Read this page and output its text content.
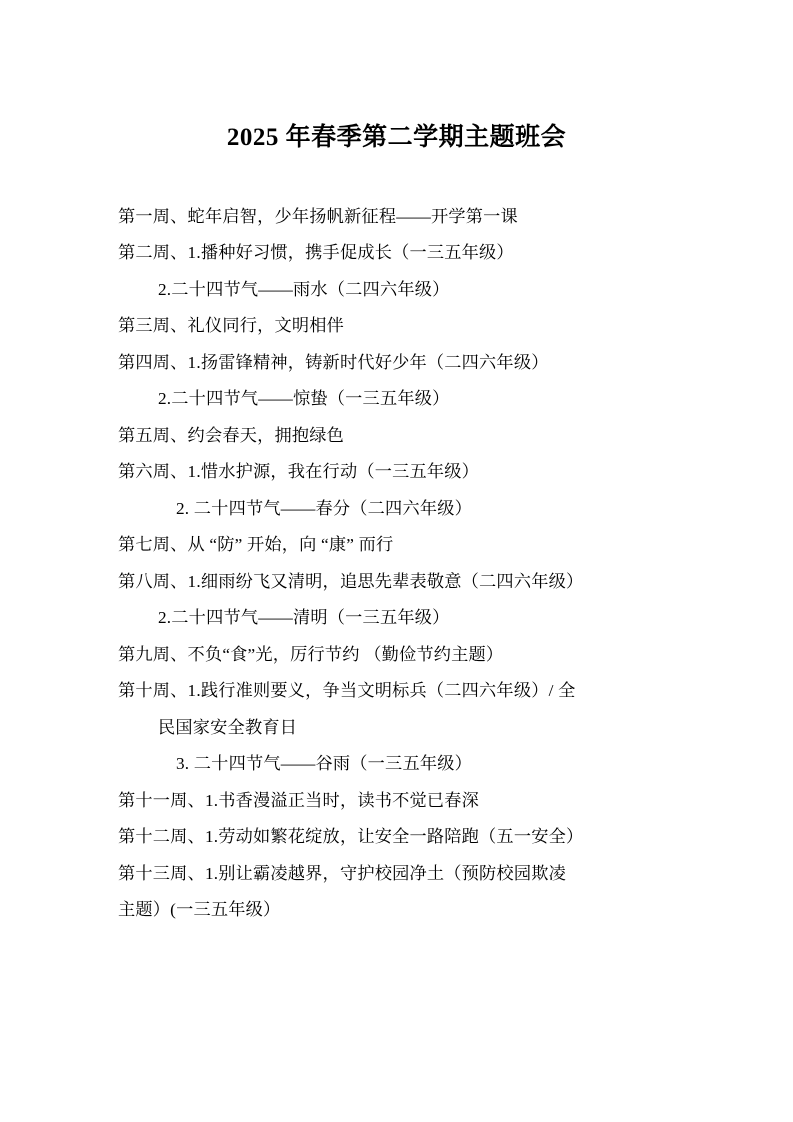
2025 年春季第二学期主题班会
第一周、蛇年启智，少年扬帆新征程——开学第一课
第二周、1.播种好习惯，携手促成长（一三五年级）
2.二十四节气——雨水（二四六年级）
第三周、礼仪同行，文明相伴
第四周、1.扬雷锋精神，铸新时代好少年（二四六年级）
2.二十四节气——惊蛰（一三五年级）
第五周、约会春天，拥抱绿色
第六周、1.惜水护源，我在行动（一三五年级）
2. 二十四节气——春分（二四六年级）
第七周、从 “防” 开始，向 “康” 而行
第八周、1.细雨纷飞又清明，追思先辈表敬意（二四六年级）
2.二十四节气——清明（一三五年级）
第九周、不负“食”光，厉行节约 （勤俭节约主题）
第十周、1.践行准则要义，争当文明标兵（二四六年级）/ 全
民国家安全教育日
3. 二十四节气——谷雨（一三五年级）
第十一周、1.书香漫溢正当时，读书不觉已春深
第十二周、1.劳动如繁花绽放，让安全一路陪跑（五一安全）
第十三周、1.别让霸凌越界，守护校园净土（预防校园欺凌
主题）(一三五年级）
